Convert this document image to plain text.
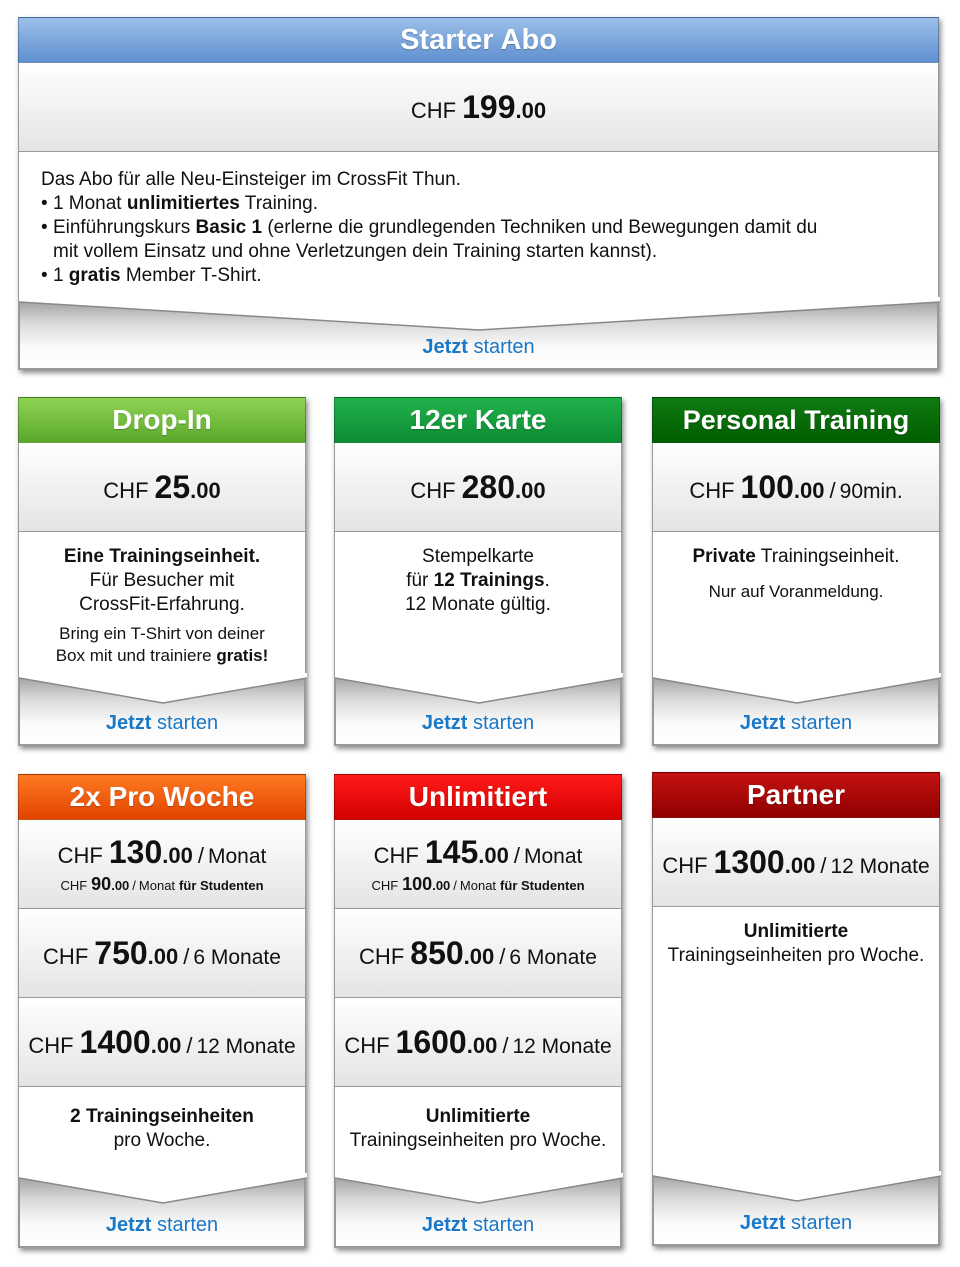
Starter Abo
CHF 199 .00
Das Abo für alle Neu-Einsteiger im CrossFit Thun.
• 1 Monat unlimitiertes Training.
• Einführungskurs Basic 1 (erlerne die grundlegenden Techniken und Bewegungen damit du
mit vollem Einsatz und ohne Verletzungen dein Training starten kannst).
• 1 gratis Member T-Shirt.
Jetzt starten
Drop-In
CHF 25 .00
Eine Trainingseinheit.
Für Besucher mit
CrossFit-Erfahrung.
Bring ein T-Shirt von deiner
Box mit und trainiere gratis!
Jetzt starten
12er Karte
CHF 280 .00
Stempelkarte
für 12 Trainings.
12 Monate gültig.
Jetzt starten
Personal Training
CHF 100 .00 / 90min.
Private Trainingseinheit.
Nur auf Voranmeldung.
Jetzt starten
2x Pro Woche
CHF 130 .00 / Monat
CHF 90 .00 / Monat für Studenten
CHF 750 .00 / 6 Monate
CHF 1400 .00 / 12 Monate
2 Trainingseinheiten
pro Woche.
Jetzt starten
Unlimitiert
CHF 145 .00 / Monat
CHF 100 .00 / Monat für Studenten
CHF 850 .00 / 6 Monate
CHF 1600 .00 / 12 Monate
Unlimitierte
Trainingseinheiten pro Woche.
Jetzt starten
Partner
CHF 1300 .00 / 12 Monate
Unlimitierte
Trainingseinheiten pro Woche.
Jetzt starten
